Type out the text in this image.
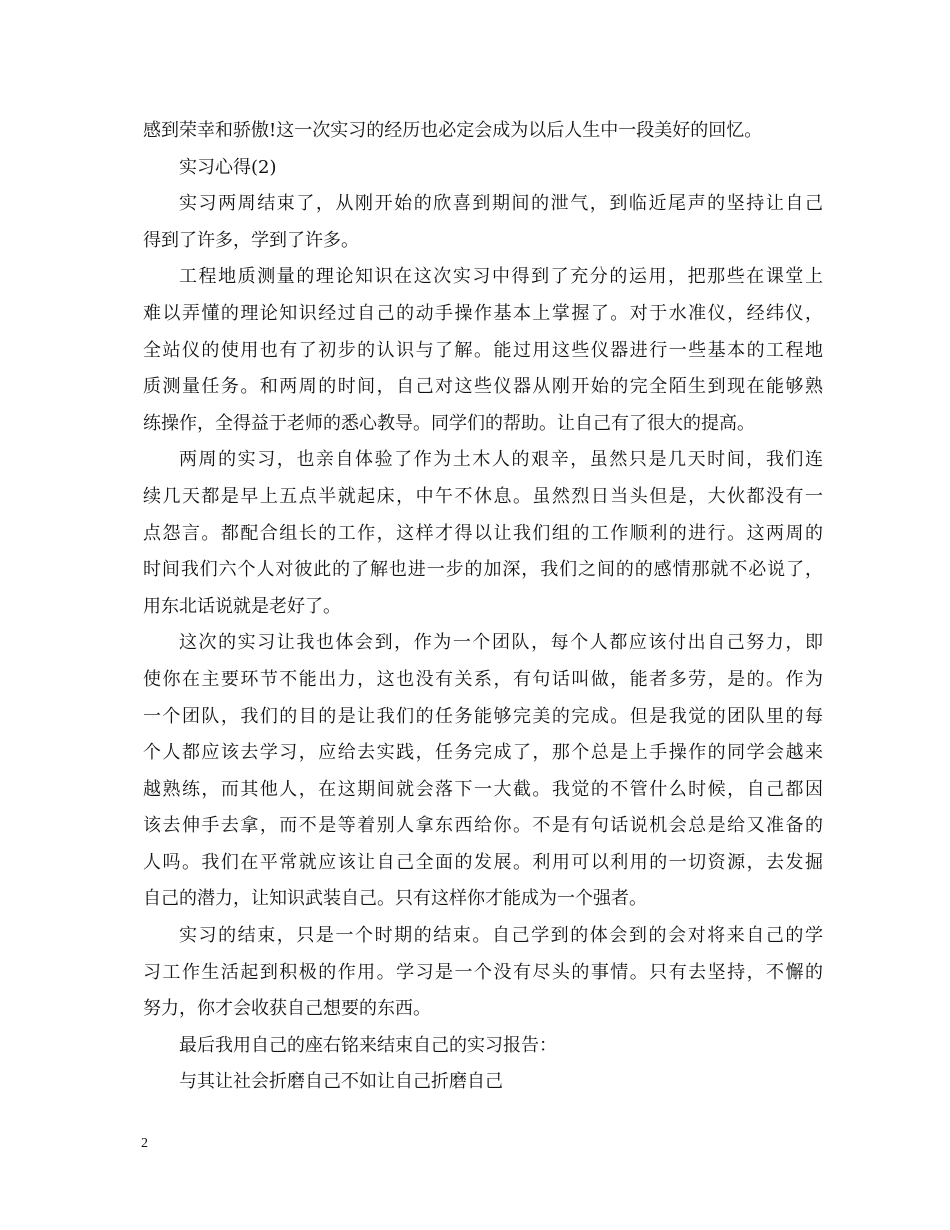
感到荣幸和骄傲!这一次实习的经历也必定会成为以后人生中一段美好的回忆。
实习心得(2)
实习两周结束了，从刚开始的欣喜到期间的泄气，到临近尾声的坚持让自己
得到了许多，学到了许多。
工程地质测量的理论知识在这次实习中得到了充分的运用，把那些在课堂上
难以弄懂的理论知识经过自己的动手操作基本上掌握了。对于水准仪，经纬仪，
全站仪的使用也有了初步的认识与了解。能过用这些仪器进行一些基本的工程地
质测量任务。和两周的时间，自己对这些仪器从刚开始的完全陌生到现在能够熟
练操作，全得益于老师的悉心教导。同学们的帮助。让自己有了很大的提高。
两周的实习，也亲自体验了作为土木人的艰辛，虽然只是几天时间，我们连
续几天都是早上五点半就起床，中午不休息。虽然烈日当头但是，大伙都没有一
点怨言。都配合组长的工作，这样才得以让我们组的工作顺利的进行。这两周的
时间我们六个人对彼此的了解也进一步的加深，我们之间的的感情那就不必说了，
用东北话说就是老好了。
这次的实习让我也体会到，作为一个团队，每个人都应该付出自己努力，即
使你在主要环节不能出力，这也没有关系，有句话叫做，能者多劳，是的。作为
一个团队，我们的目的是让我们的任务能够完美的完成。但是我觉的团队里的每
个人都应该去学习，应给去实践，任务完成了，那个总是上手操作的同学会越来
越熟练，而其他人，在这期间就会落下一大截。我觉的不管什么时候，自己都因
该去伸手去拿，而不是等着别人拿东西给你。不是有句话说机会总是给又准备的
人吗。我们在平常就应该让自己全面的发展。利用可以利用的一切资源，去发掘
自己的潜力，让知识武装自己。只有这样你才能成为一个强者。
实习的结束，只是一个时期的结束。自己学到的体会到的会对将来自己的学
习工作生活起到积极的作用。学习是一个没有尽头的事情。只有去坚持，不懈的
努力，你才会收获自己想要的东西。
最后我用自己的座右铭来结束自己的实习报告：
与其让社会折磨自己不如让自己折磨自己
2
